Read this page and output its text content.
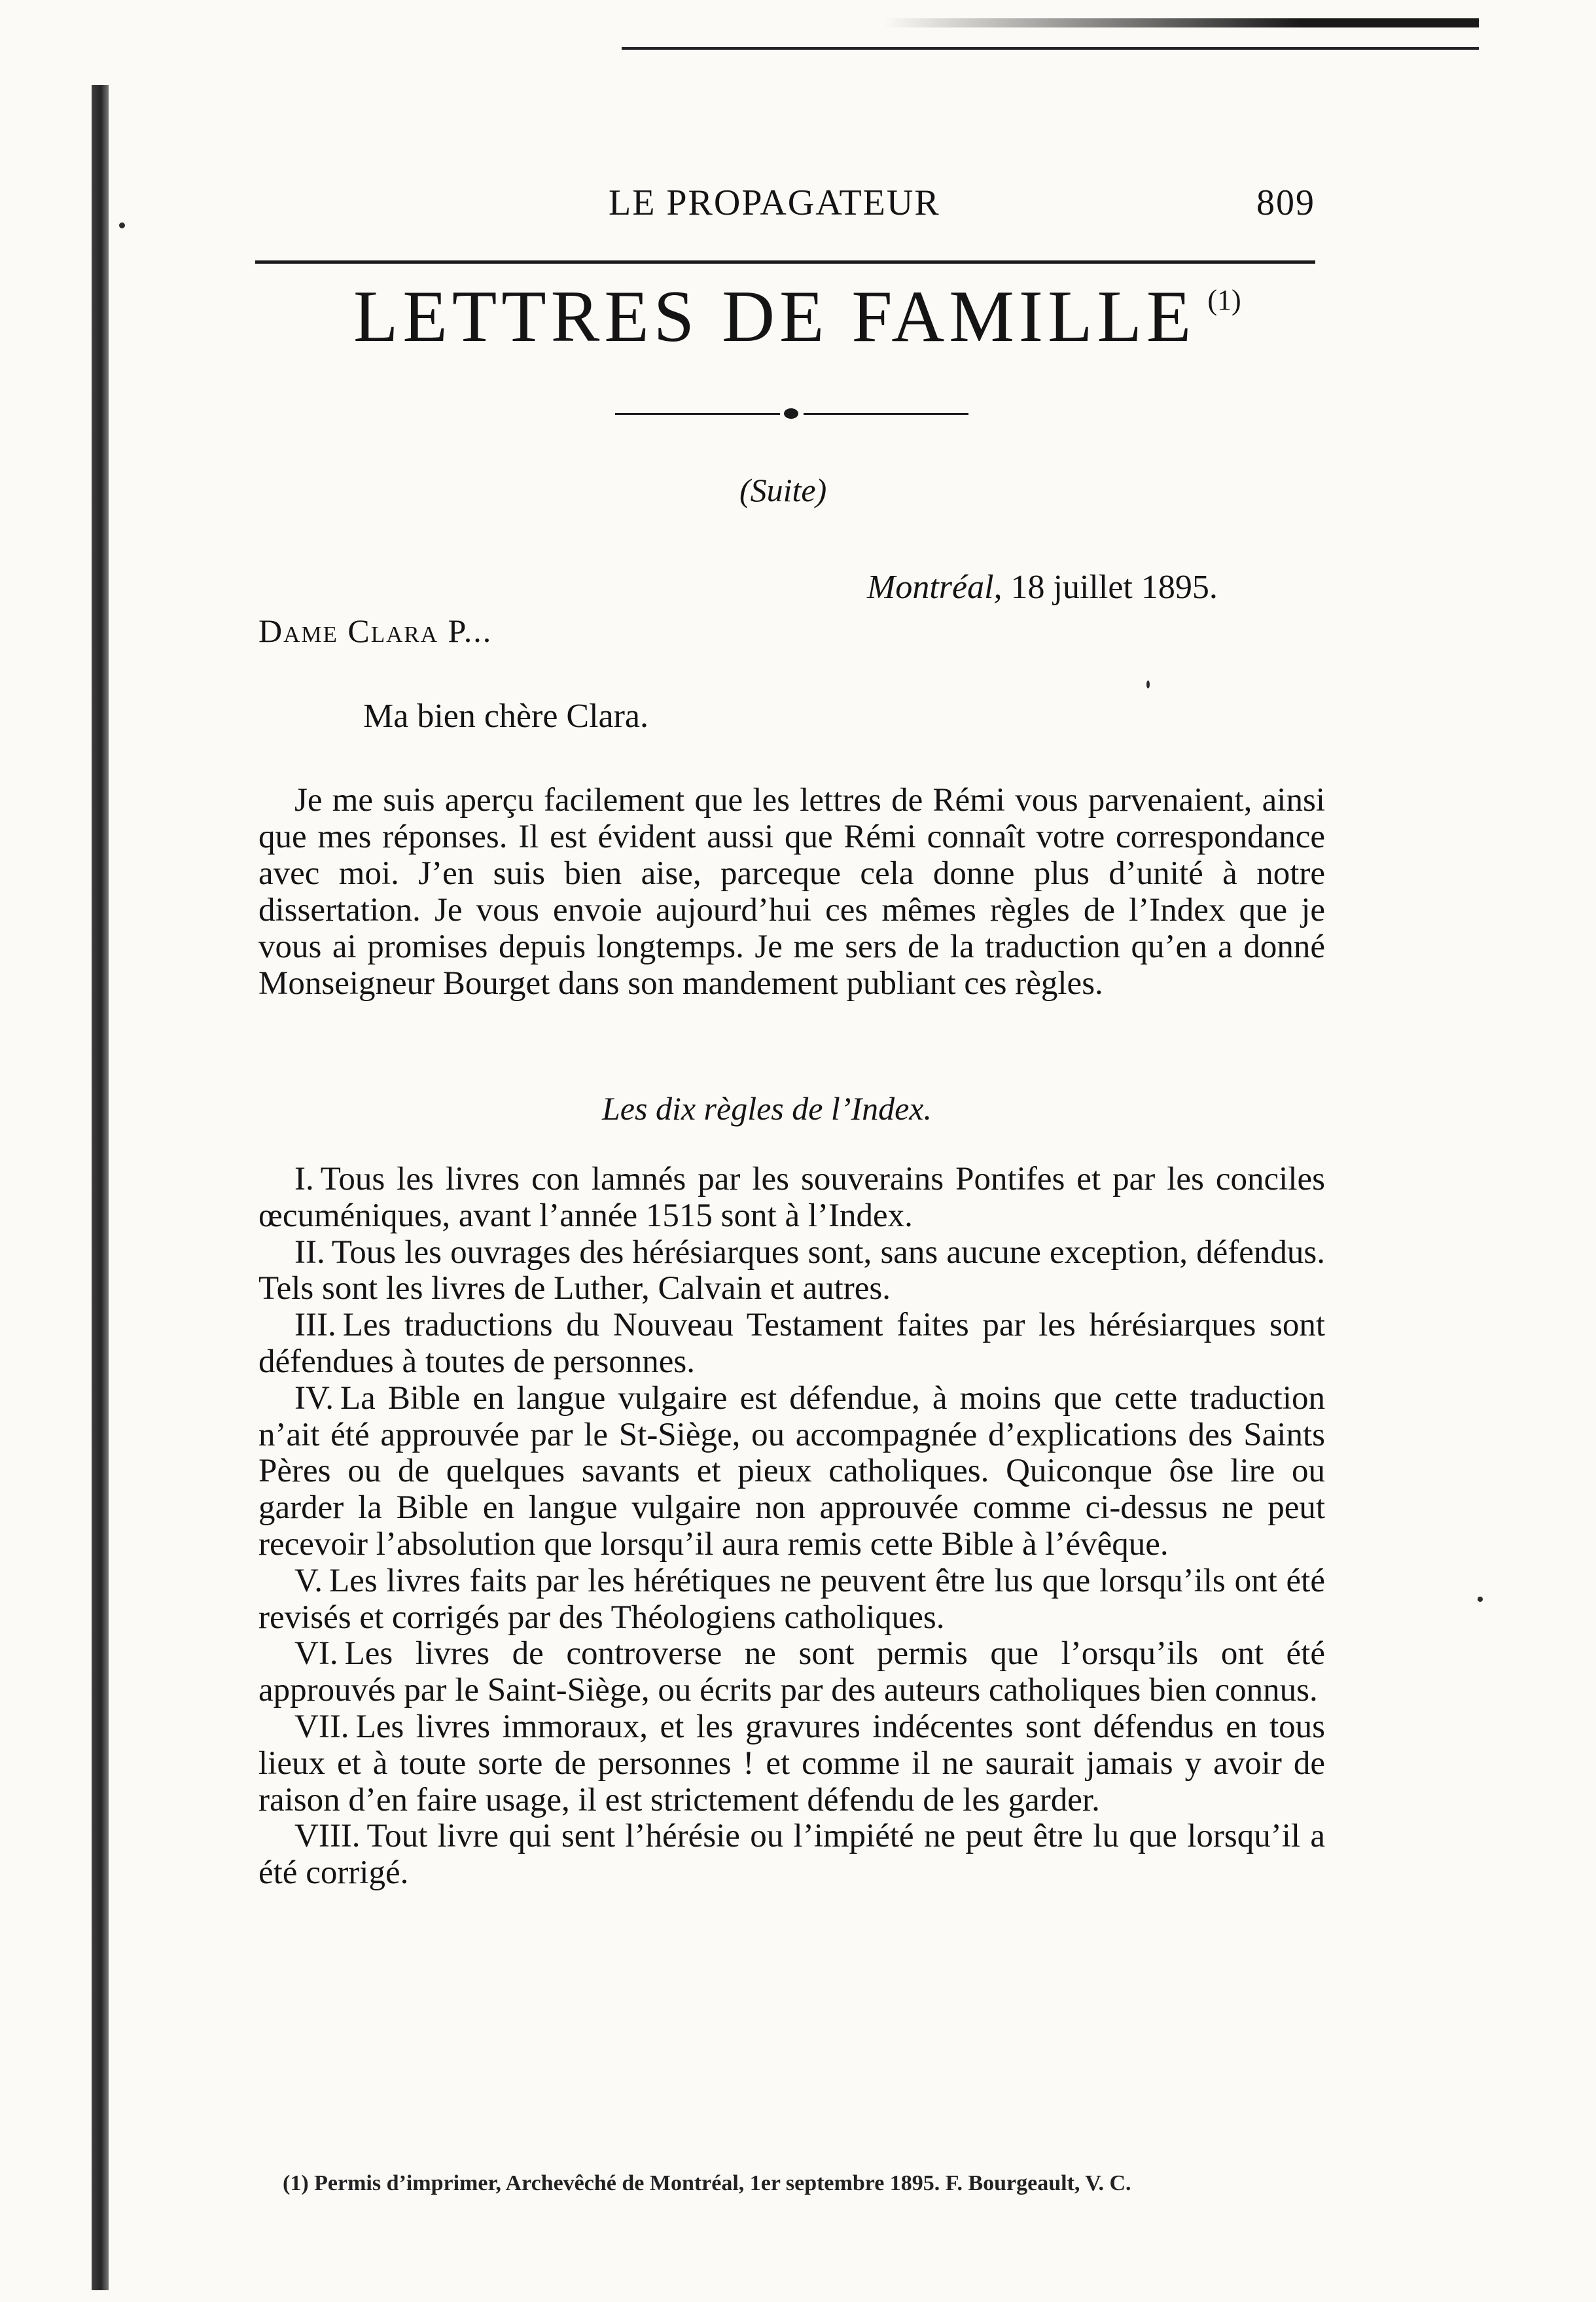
LE PROPAGATEUR	809
LETTRES DE FAMILLE $^{(1)}$
(Suite)
Montréal, 18 juillet 1895.
Dame Clara P...
Ma bien chère Clara.

Je me suis aperçu facilement que les lettres de Rémi vous parvenaient, ainsi que mes réponses. Il est évident aussi que Rémi connaît votre correspondance avec moi. J’en suis bien aise, parceque cela donne plus d’unité à notre dissertation. Je vous envoie aujourd’hui ces mêmes règles de l’Index que je vous ai promises depuis longtemps. Je me sers de la traduction qu’en a donné Monseigneur Bourget dans son mandement publiant ces règles.

Les dix règles de l’Index.

I. Tous les livres con lamnés par les souverains Pontifes et par les conciles œcuméniques, avant l’année 1515 sont à l’Index.

II. Tous les ouvrages des hérésiarques sont, sans aucune exception, défendus. Tels sont les livres de Luther, Calvain et autres.

III. Les traductions du Nouveau Testament faites par les hérésiarques sont défendues à toutes de personnes.

IV. La Bible en langue vulgaire est défendue, à moins que cette traduction n’ait été approuvée par le St-Siège, ou accompagnée d’explications des Saints Pères ou de quelques savants et pieux catholiques. Quiconque ôse lire ou garder la Bible en langue vulgaire non approuvée comme ci-dessus ne peut recevoir l’absolution que lorsqu’il aura remis cette Bible à l’évêque.

V. Les livres faits par les hérétiques ne peuvent être lus que lorsqu’ils ont été revisés et corrigés par des Théologiens catholiques.

VI. Les livres de controverse ne sont permis que l’orsqu’ils ont été approuvés par le Saint-Siège, ou écrits par des auteurs catholiques bien connus.

VII. Les livres immoraux, et les gravures indécentes sont défendus en tous lieux et à toute sorte de personnes ! et comme il ne saurait jamais y avoir de raison d’en faire usage, il est strictement défendu de les garder.

VIII. Tout livre qui sent l’hérésie ou l’impiété ne peut être lu que lorsqu’il a été corrigé.

(1) Permis d’imprimer, Archevêché de Montréal, 1er septembre 1895. F. Bourgeault, V. C.
